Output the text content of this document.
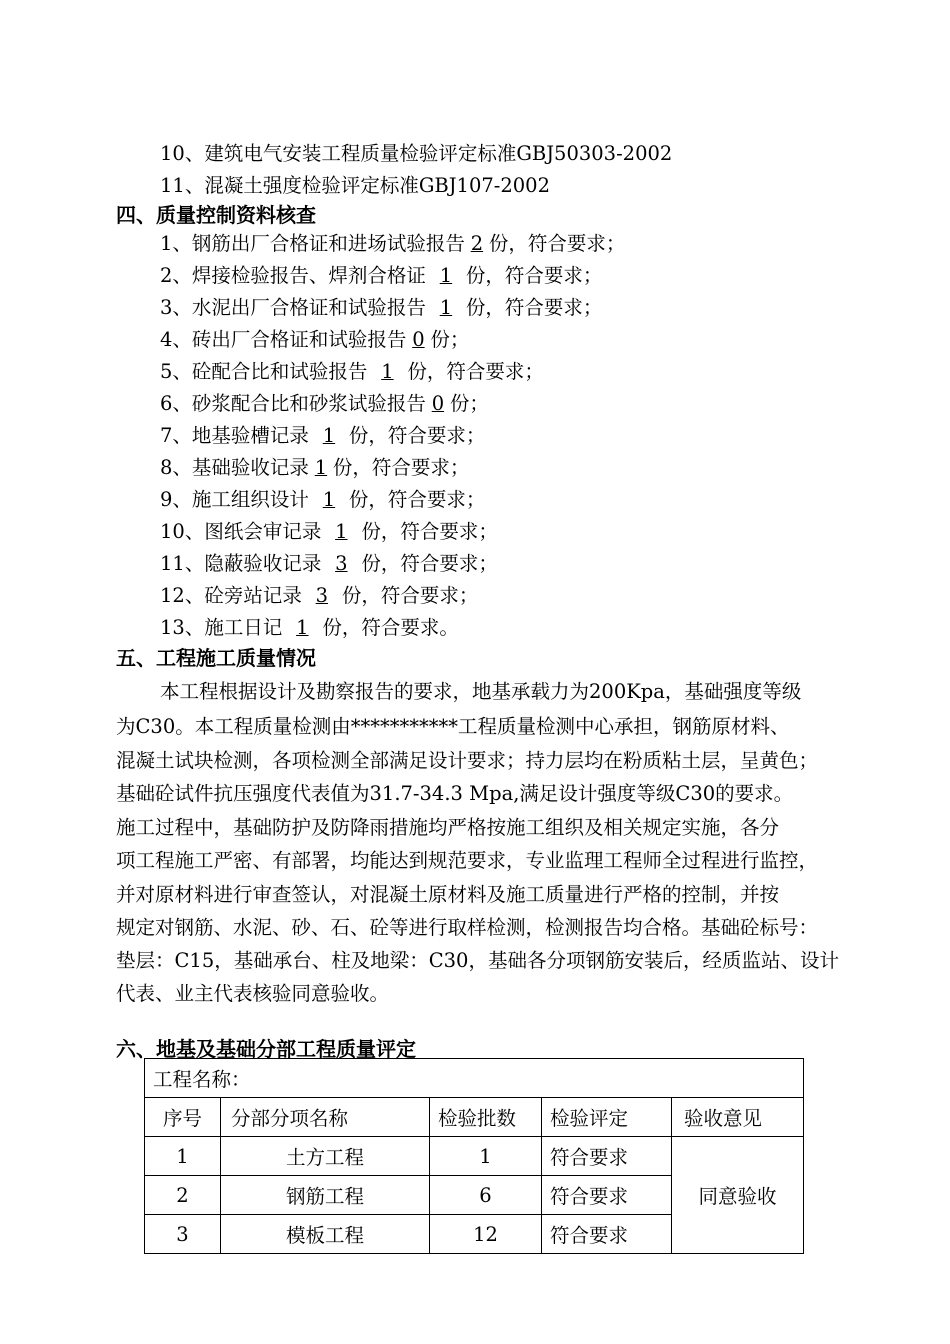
10、建筑电气安装工程质量检验评定标准GBJ50303-2002
11、混凝土强度检验评定标准GBJ107-2002
四、质量控制资料核查
1、钢筋出厂合格证和进场试验报告 2 份，符合要求；
2、焊接检验报告、焊剂合格证 1 份，符合要求；
3、水泥出厂合格证和试验报告 1 份，符合要求；
4、砖出厂合格证和试验报告 0 份；
5、砼配合比和试验报告 1 份，符合要求；
6、砂浆配合比和砂浆试验报告 0 份；
7、地基验槽记录 1 份，符合要求；
8、基础验收记录 1 份，符合要求；
9、施工组织设计 1 份，符合要求；
10、图纸会审记录 1 份，符合要求；
11、隐蔽验收记录 3 份，符合要求；
12、砼旁站记录 3 份，符合要求；
13、施工日记 1 份，符合要求。
五、工程施工质量情况
本工程根据设计及勘察报告的要求，地基承载力为200Kpa，基础强度等级
为C30。本工程质量检测由***********工程质量检测中心承担，钢筋原材料、
混凝土试块检测，各项检测全部满足设计要求；持力层均在粉质粘土层，呈黄色；
基础砼试件抗压强度代表值为31.7-34.3 Mpa,满足设计强度等级C30的要求。
施工过程中，基础防护及防降雨措施均严格按施工组织及相关规定实施，各分
项工程施工严密、有部署，均能达到规范要求，专业监理工程师全过程进行监控，
并对原材料进行审查签认，对混凝土原材料及施工质量进行严格的控制，并按
规定对钢筋、水泥、砂、石、砼等进行取样检测，检测报告均合格。基础砼标号：
垫层：C15，基础承台、柱及地梁：C30，基础各分项钢筋安装后，经质监站、设计
代表、业主代表核验同意验收。
六、地基及基础分部工程质量评定
工程名称：				
序号	分部分项名称	检验批数	检验评定	验收意见
1	土方工程	1	符合要求	同意验收
2	钢筋工程	6	符合要求	
3	模板工程	12	符合要求	
